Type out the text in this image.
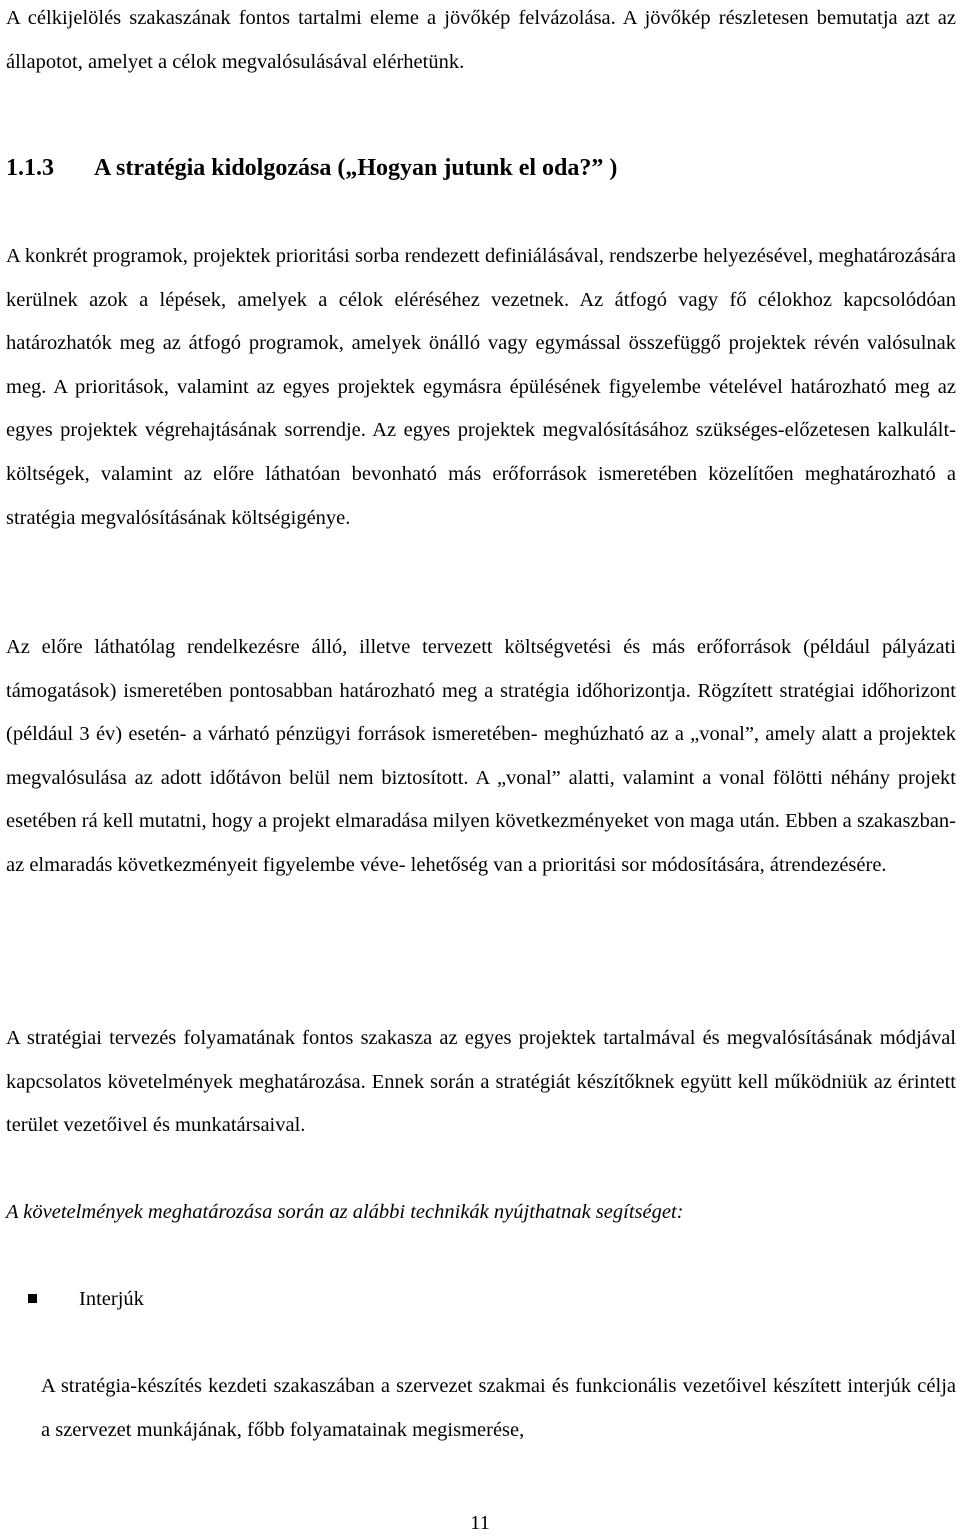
A célkijelölés szakaszának fontos tartalmi eleme a jövőkép felvázolása. A jövőkép részletesen bemutatja azt az állapotot, amelyet a célok megvalósulásával elérhetünk.

1.1.3 A stratégia kidolgozása („Hogyan jutunk el oda?” )

A konkrét programok, projektek prioritási sorba rendezett definiálásával, rendszerbe helyezésével, meghatározására kerülnek azok a lépések, amelyek a célok eléréséhez vezetnek. Az átfogó vagy fő célokhoz kapcsolódóan határozhatók meg az átfogó programok, amelyek önálló vagy egymással összefüggő projektek révén valósulnak meg. A prioritások, valamint az egyes projektek egymásra épülésének figyelembe vételével határozható meg az egyes projektek végrehajtásának sorrendje. Az egyes projektek megvalósításához szükséges-előzetesen kalkulált- költségek, valamint az előre láthatóan bevonható más erőforrások ismeretében közelítően meghatározható a stratégia megvalósításának költségigénye.

Az előre láthatólag rendelkezésre álló, illetve tervezett költségvetési és más erőforrások (például pályázati támogatások) ismeretében pontosabban határozható meg a stratégia időhorizontja. Rögzített stratégiai időhorizont (például 3 év) esetén- a várható pénzügyi források ismeretében- meghúzható az a „vonal”, amely alatt a projektek megvalósulása az adott időtávon belül nem biztosított. A „vonal” alatti, valamint a vonal fölötti néhány projekt esetében rá kell mutatni, hogy a projekt elmaradása milyen következményeket von maga után. Ebben a szakaszban- az elmaradás következményeit figyelembe véve- lehetőség van a prioritási sor módosítására, átrendezésére.

A stratégiai tervezés folyamatának fontos szakasza az egyes projektek tartalmával és megvalósításának módjával kapcsolatos követelmények meghatározása. Ennek során a stratégiát készítőknek együtt kell működniük az érintett terület vezetőivel és munkatársaival.

A követelmények meghatározása során az alábbi technikák nyújthatnak segítséget:

Interjúk

A stratégia-készítés kezdeti szakaszában a szervezet szakmai és funkcionális vezetőivel készített interjúk célja a szervezet munkájának, főbb folyamatainak megismerése,

11
